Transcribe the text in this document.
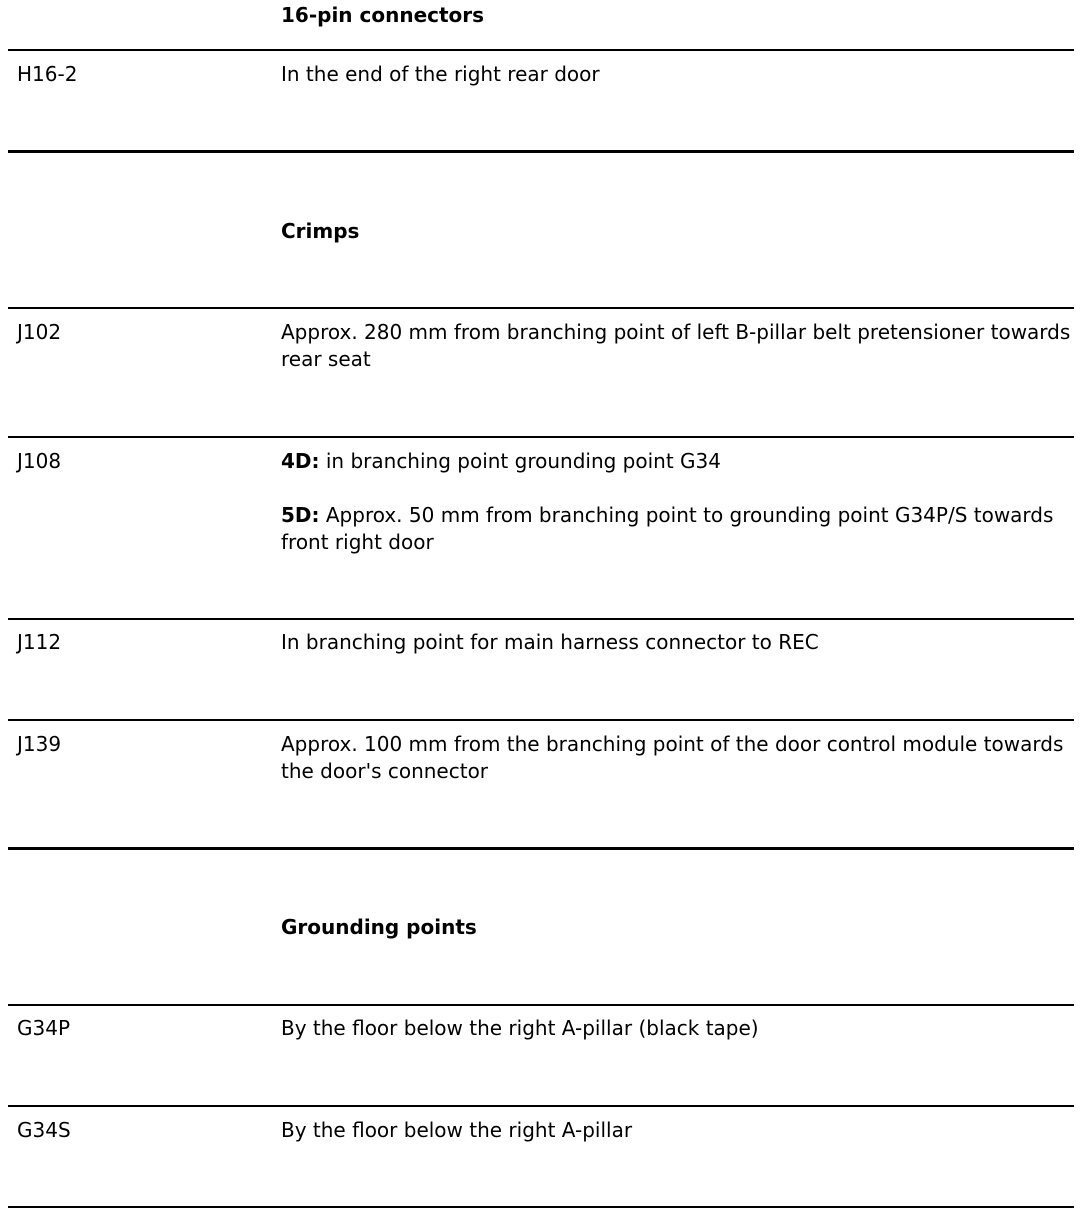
16-pin connectors
H16-2	In the end of the right rear door
Crimps
J102	Approx. 280 mm from branching point of left B-pillar belt pretensioner towards rear seat
J108	4D: in branching point grounding point G34

5D: Approx. 50 mm from branching point to grounding point G34P/S towards front right door

J112	In branching point for main harness connector to REC
J139	Approx. 100 mm from the branching point of the door control module towards the door's connector
Grounding points
G34P	By the floor below the right A-pillar (black tape)
G34S	By the floor below the right A-pillar
